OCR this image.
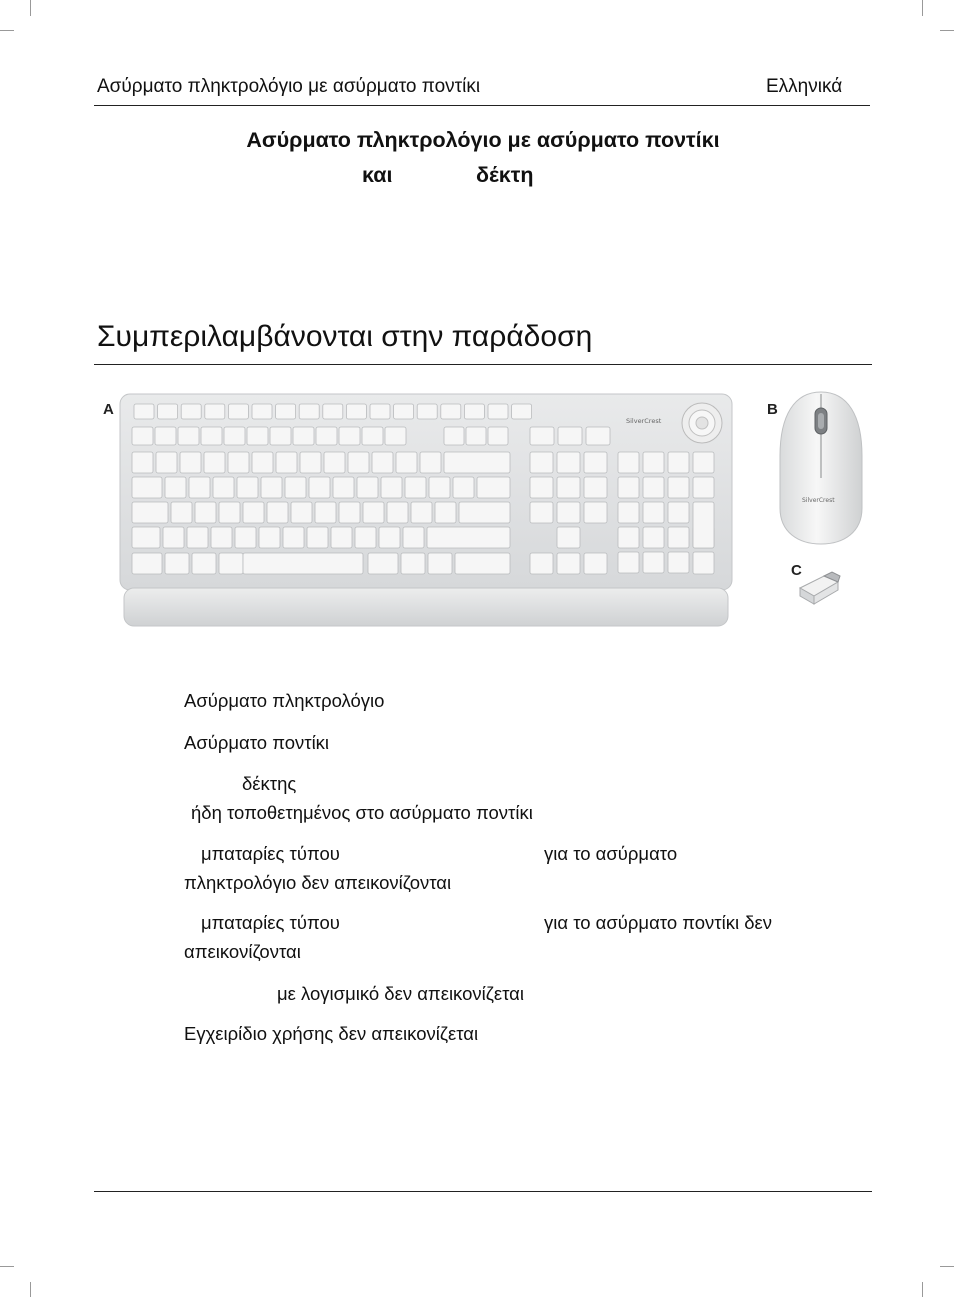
Ασύρματο πληκτρολόγιο με ασύρματο ποντίκι	Ελληνικά
Ασύρματο πληκτρολόγιο με ασύρματο ποντίκι
και	δέκτη
Συμπεριλαμβάνονται στην παράδοση
A	B
C
SilverCrest
SilverCrest
Ασύρματο πληκτρολόγιο
Ασύρματο ποντίκι
δέκτης
ήδη τοποθετημένος στο ασύρματο ποντίκι
μπαταρίες τύπου	για το ασύρματο
πληκτρολόγιο δεν απεικονίζονται
μπαταρίες τύπου	για το ασύρματο ποντίκι δεν
απεικονίζονται
με λογισμικό δεν απεικονίζεται
Εγχειρίδιο χρήσης δεν απεικονίζεται
